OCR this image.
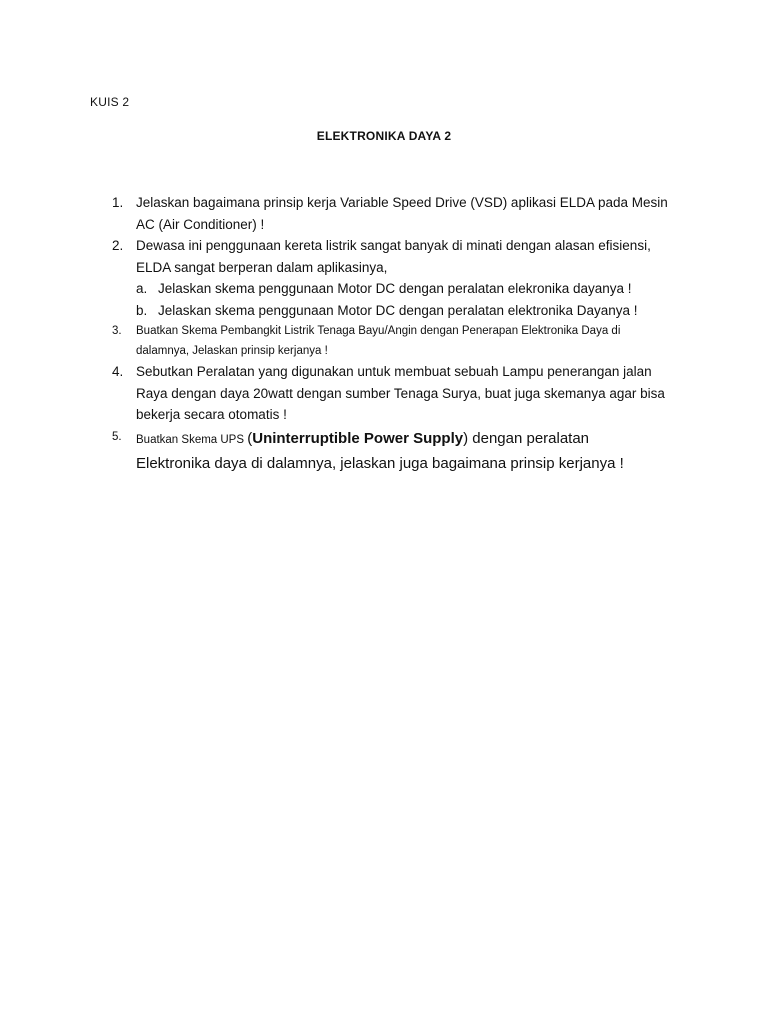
KUIS 2
ELEKTRONIKA DAYA 2
1. Jelaskan bagaimana prinsip kerja Variable Speed Drive (VSD) aplikasi ELDA pada Mesin AC (Air Conditioner) !
2. Dewasa ini penggunaan kereta listrik sangat banyak di minati dengan alasan efisiensi, ELDA sangat berperan dalam aplikasinya,
a. Jelaskan skema penggunaan Motor DC dengan peralatan elekronika dayanya !
b. Jelaskan skema penggunaan Motor DC dengan peralatan elektronika Dayanya !
3. Buatkan Skema Pembangkit Listrik Tenaga Bayu/Angin dengan Penerapan Elektronika Daya di dalamnya, Jelaskan prinsip kerjanya !
4. Sebutkan Peralatan yang digunakan untuk membuat sebuah Lampu penerangan jalan Raya dengan daya 20watt dengan sumber Tenaga Surya, buat juga skemanya agar bisa bekerja secara otomatis !
5. Buatkan Skema UPS (Uninterruptible Power Supply) dengan peralatan
Elektronika daya di dalamnya, jelaskan juga bagaimana prinsip kerjanya !
